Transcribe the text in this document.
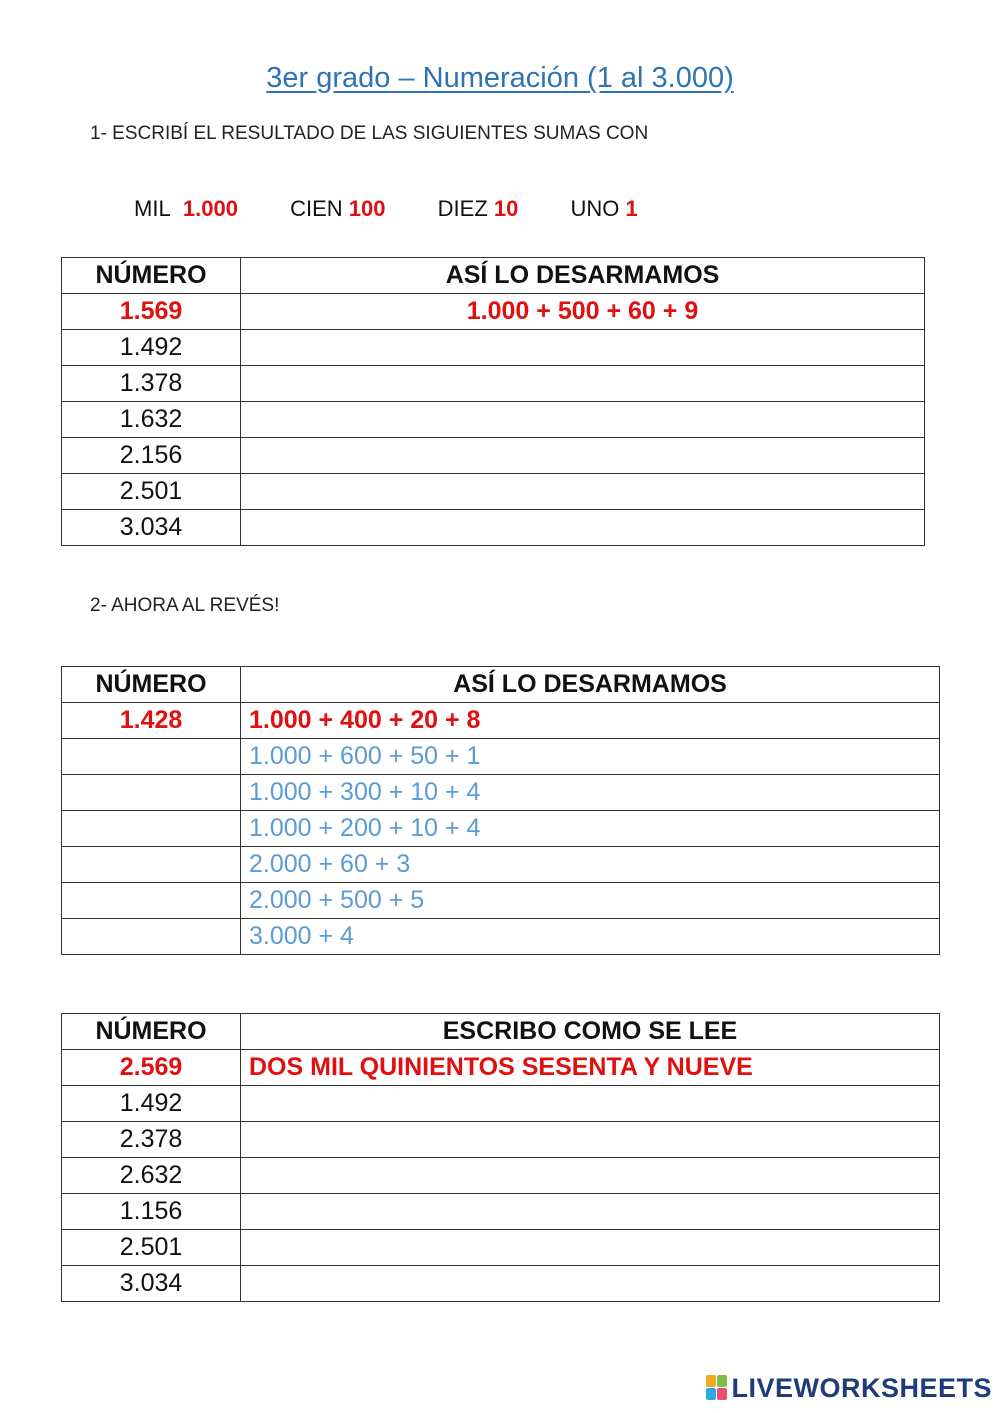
3er grado – Numeración (1 al 3.000)
1- ESCRIBÍ EL RESULTADO DE LAS SIGUIENTES SUMAS CON
MIL 1.000 CIEN 100 DIEZ 10 UNO 1
NÚMERO	ASÍ LO DESARMAMOS
1.569	1.000 + 500 + 60 + 9
1.492	
1.378	
1.632	
2.156	
2.501	
3.034	
2- AHORA AL REVÉS!
NÚMERO	ASÍ LO DESARMAMOS
1.428	1.000 + 400 + 20 + 8
	1.000 + 600 + 50 + 1
	1.000 + 300 + 10 + 4
	1.000 + 200 + 10 + 4
	2.000 + 60 + 3
	2.000 + 500 + 5
	3.000 + 4
NÚMERO	ESCRIBO COMO SE LEE
2.569	DOS MIL QUINIENTOS SESENTA Y NUEVE
1.492	
2.378	
2.632	
1.156	
2.501	
3.034	
LIVEWORKSHEETS
